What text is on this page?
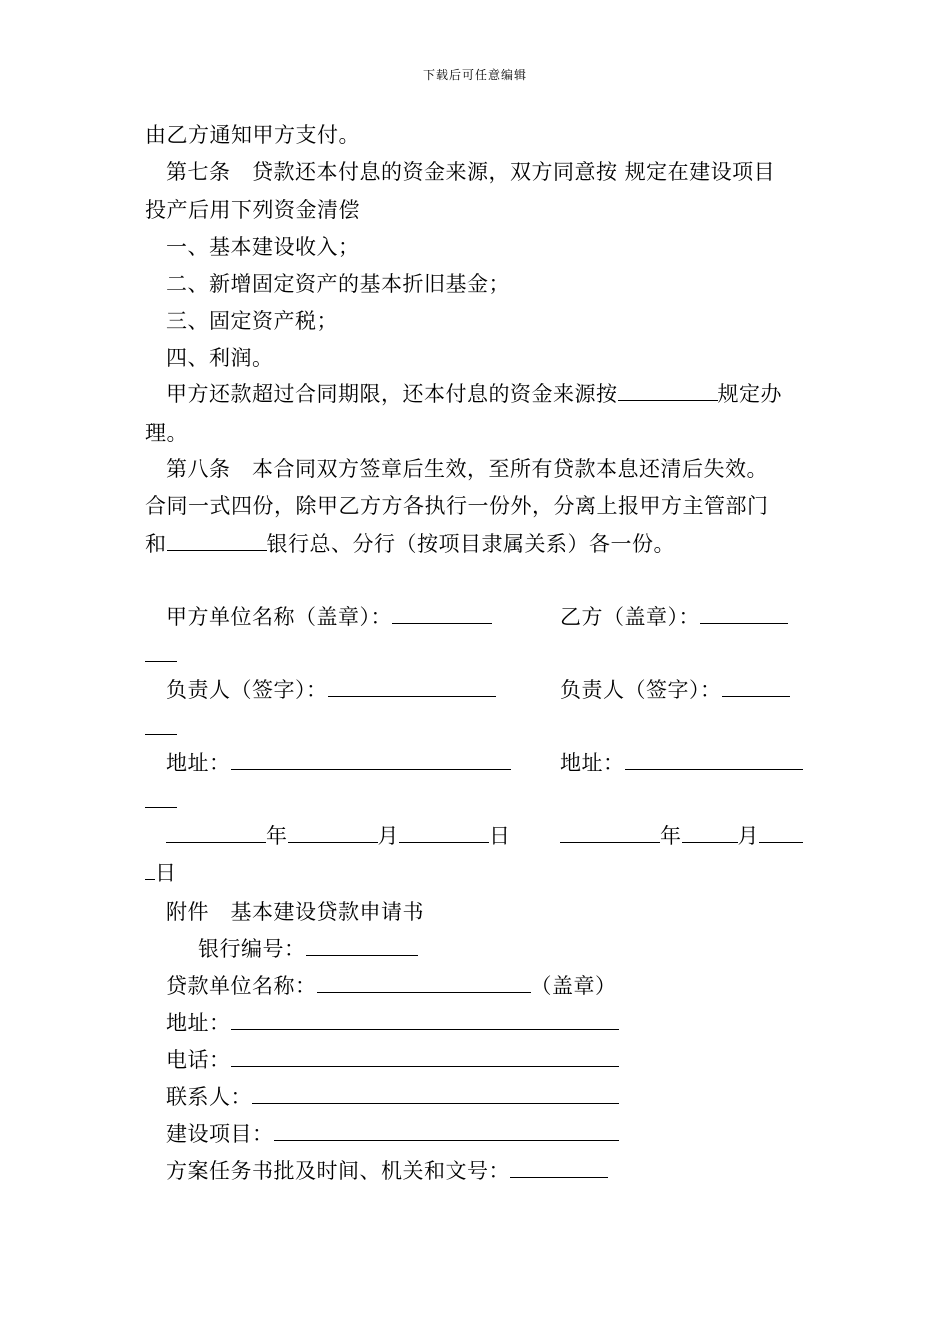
下载后可任意编辑
由乙方通知甲方支付。
第七条　贷款还本付息的资金来源，双方同意按 规定在建设项目
投产后用下列资金清偿
一、基本建设收入；
二、新增固定资产的基本折旧基金；
三、固定资产税；
四、利润。
甲方还款超过合同期限，还本付息的资金来源按	规定办
理。
第八条　本合同双方签章后生效，至所有贷款本息还清后失效。
合同一式四份，除甲乙方方各执行一份外，分离上报甲方主管部门
和	银行总、分行（按项目隶属关系）各一份。
甲方单位名称（盖章）：	乙方（盖章）：
负责人（签字）：	负责人（签字）：
地址：	地址：
年	月	日	年	月
日
附件　基本建设贷款申请书
银行编号：
贷款单位名称：	（盖章）
地址：
电话：
联系人：
建设项目：
方案任务书批及时间、机关和文号：
